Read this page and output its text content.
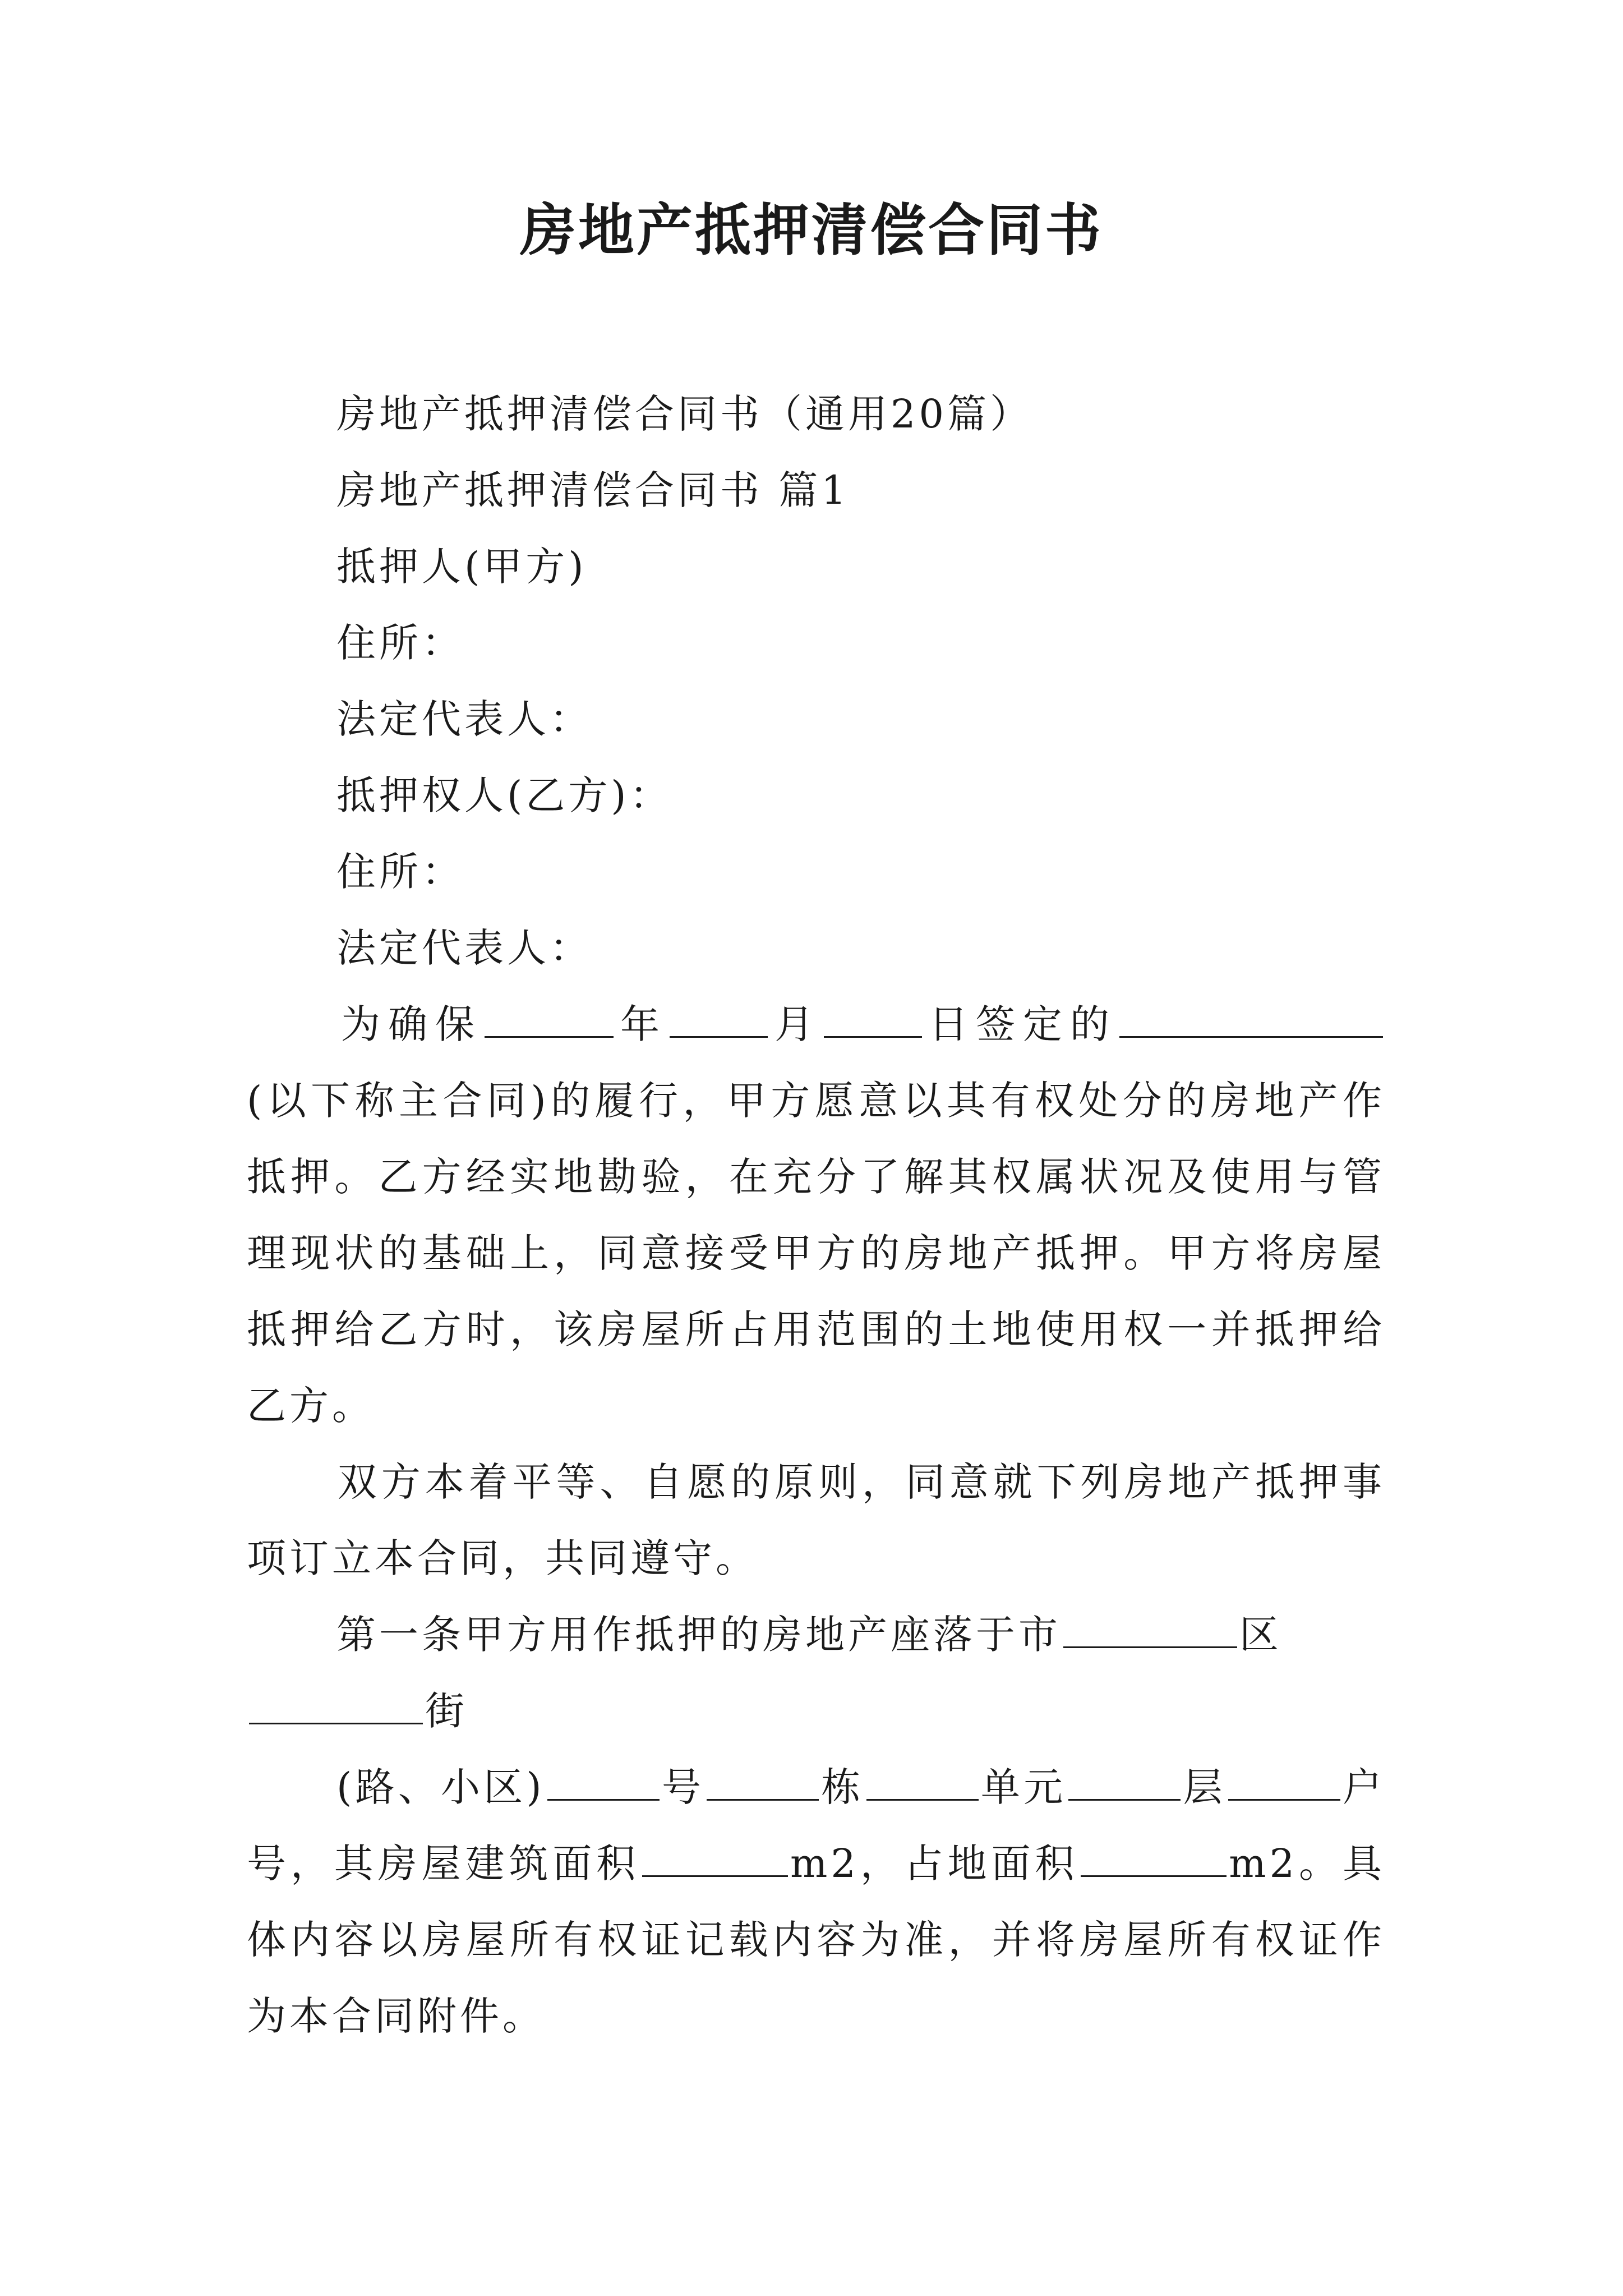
房地产抵押清偿合同书

房地产抵押清偿合同书（通用20篇）

房地产抵押清偿合同书 篇1

抵押人(甲方)

住所：

法定代表人：

抵押权人(乙方)：

住所：

法定代表人：

为确保	年	月	日签定的(以下称主合同)的履行，甲方愿意以其有权处分的房地产作抵押。乙方经实地勘验，在充分了解其权属状况及使用与管理现状的基础上，同意接受甲方的房地产抵押。甲方将房屋抵押给乙方时，该房屋所占用范围的土地使用权一并抵押给乙方。

双方本着平等、自愿的原则，同意就下列房地产抵押事项订立本合同，共同遵守。

第一条甲方用作抵押的房地产座落于市	区
街

(路、小区)	号	栋	单元	层	户号，其房屋建筑面积	m2，占地面积	m2。具体内容以房屋所有权证记载内容为准，并将房屋所有权证作为本合同附件。
